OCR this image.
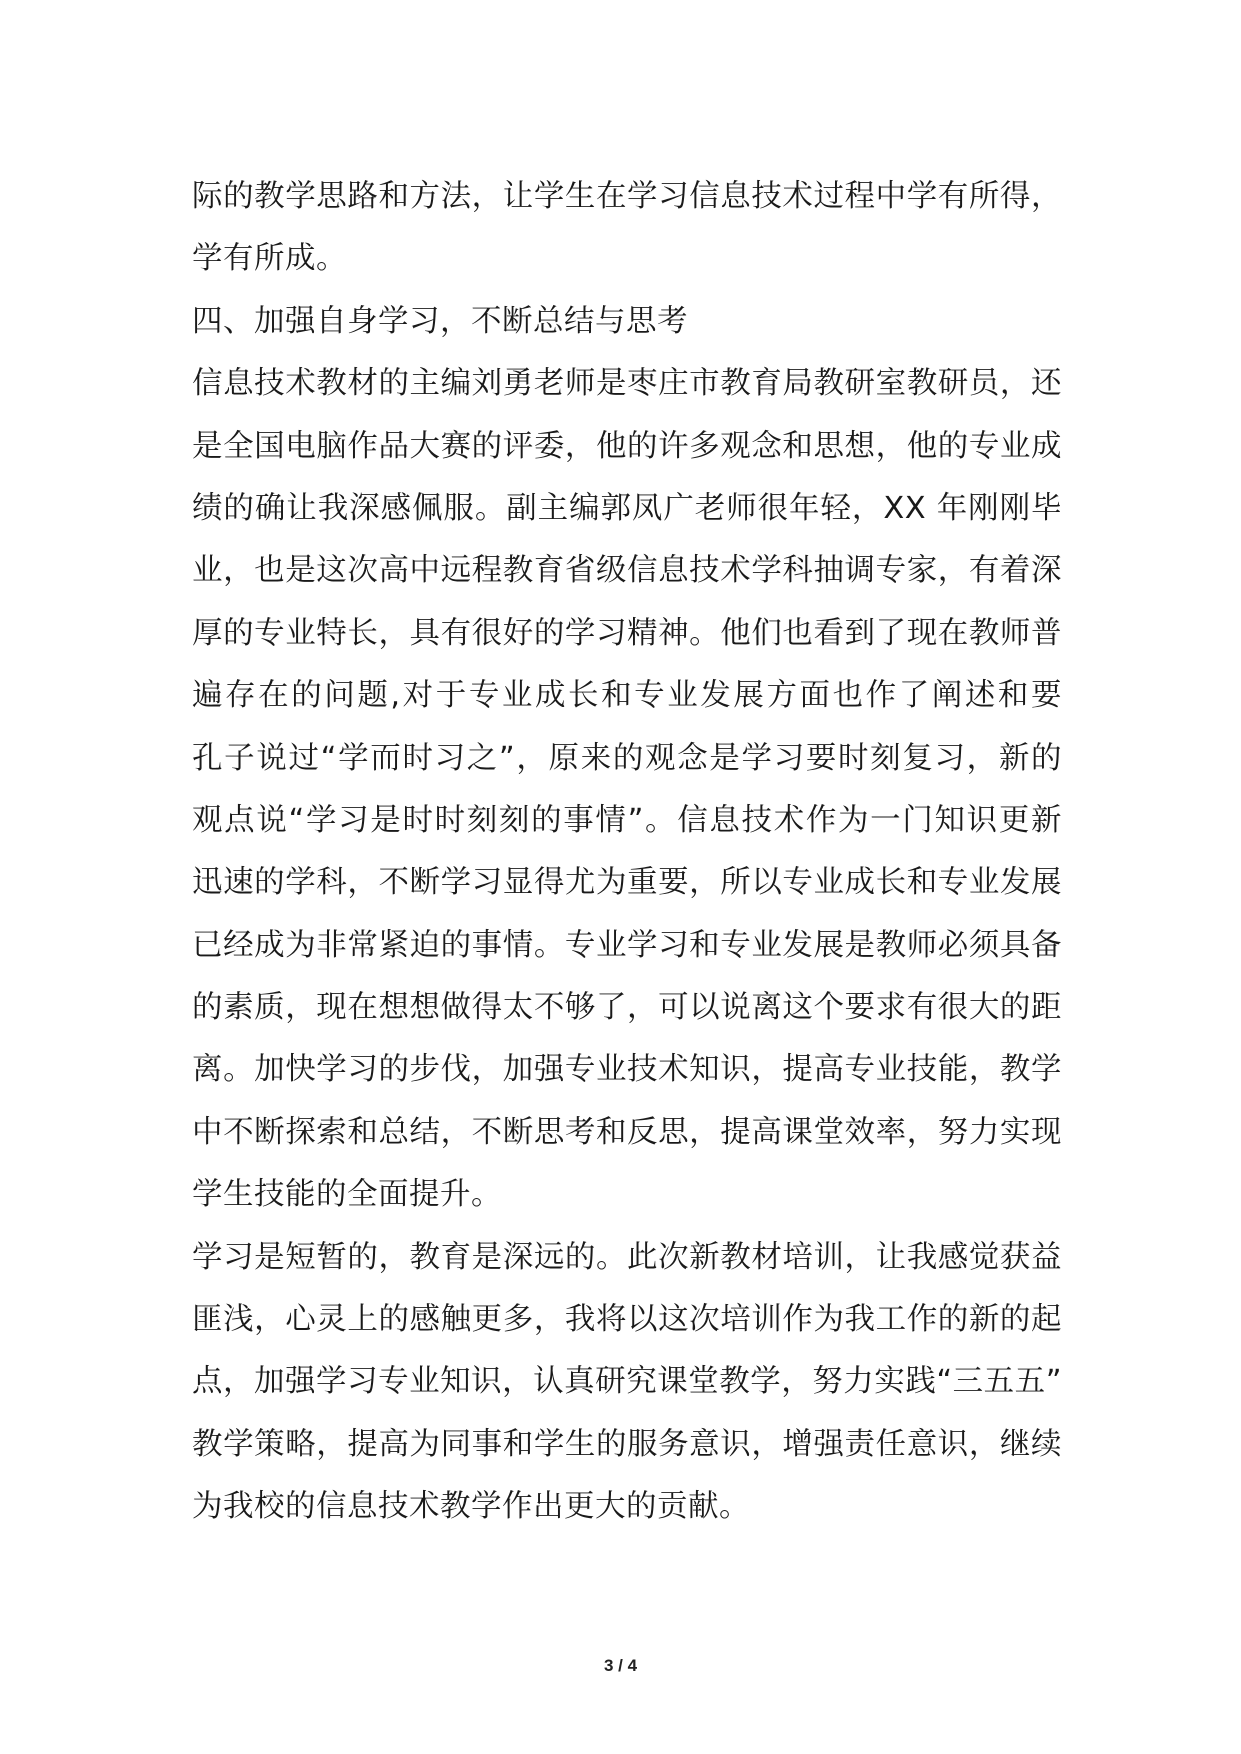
际的教学思路和方法，让学生在学习信息技术过程中学有所得，
学有所成。
四、加强自身学习，不断总结与思考
信息技术教材的主编刘勇老师是枣庄市教育局教研室教研员，还
是全国电脑作品大赛的评委，他的许多观念和思想，他的专业成
绩的确让我深感佩服。副主编郭凤广老师很年轻，XX 年刚刚毕
业，也是这次高中远程教育省级信息技术学科抽调专家，有着深
厚的专业特长，具有很好的学习精神。他们也看到了现在教师普
遍存在的问题,对于专业成长和专业发展方面也作了阐述和要
孔子说过“学而时习之”，原来的观念是学习要时刻复习，新的
观点说“学习是时时刻刻的事情”。信息技术作为一门知识更新
迅速的学科，不断学习显得尤为重要，所以专业成长和专业发展
已经成为非常紧迫的事情。专业学习和专业发展是教师必须具备
的素质，现在想想做得太不够了，可以说离这个要求有很大的距
离。加快学习的步伐，加强专业技术知识，提高专业技能，教学
中不断探索和总结，不断思考和反思，提高课堂效率，努力实现
学生技能的全面提升。
学习是短暂的，教育是深远的。此次新教材培训，让我感觉获益
匪浅，心灵上的感触更多，我将以这次培训作为我工作的新的起
点，加强学习专业知识，认真研究课堂教学，努力实践“三五五”
教学策略，提高为同事和学生的服务意识，增强责任意识，继续
为我校的信息技术教学作出更大的贡献。
3 / 4
